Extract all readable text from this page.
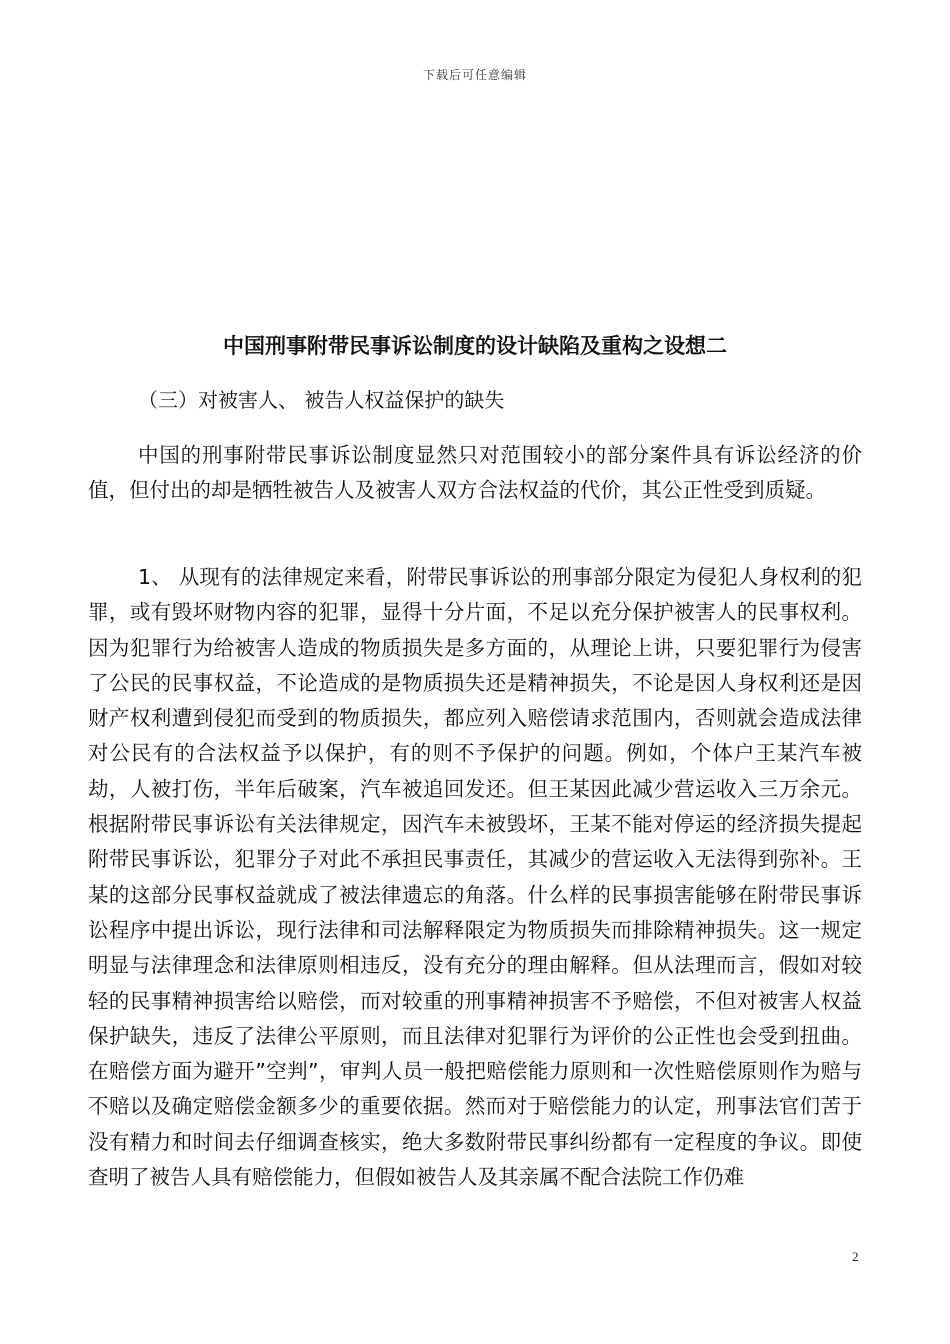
下载后可任意编辑
中国刑事附带民事诉讼制度的设计缺陷及重构之设想二

（三）对被害人、 被告人权益保护的缺失

中国的刑事附带民事诉讼制度显然只对范围较小的部分案件具有诉讼经济的价值，但付出的却是牺牲被告人及被害人双方合法权益的代价，其公正性受到质疑。

1、 从现有的法律规定来看，附带民事诉讼的刑事部分限定为侵犯人身权利的犯罪，或有毁坏财物内容的犯罪，显得十分片面，不足以充分保护被害人的民事权利。因为犯罪行为给被害人造成的物质损失是多方面的，从理论上讲，只要犯罪行为侵害了公民的民事权益，不论造成的是物质损失还是精神损失，不论是因人身权利还是因财产权利遭到侵犯而受到的物质损失，都应列入赔偿请求范围内，否则就会造成法律对公民有的合法权益予以保护，有的则不予保护的问题。例如，个体户王某汽车被劫，人被打伤，半年后破案，汽车被追回发还。但王某因此减少营运收入三万余元。根据附带民事诉讼有关法律规定，因汽车未被毁坏，王某不能对停运的经济损失提起附带民事诉讼，犯罪分子对此不承担民事责任，其减少的营运收入无法得到弥补。王某的这部分民事权益就成了被法律遗忘的角落。什么样的民事损害能够在附带民事诉讼程序中提出诉讼，现行法律和司法解释限定为物质损失而排除精神损失。这一规定明显与法律理念和法律原则相违反，没有充分的理由解释。但从法理而言，假如对较轻的民事精神损害给以赔偿，而对较重的刑事精神损害不予赔偿，不但对被害人权益保护缺失，违反了法律公平原则，而且法律对犯罪行为评价的公正性也会受到扭曲。在赔偿方面为避开”空判”，审判人员一般把赔偿能力原则和一次性赔偿原则作为赔与不赔以及确定赔偿金额多少的重要依据。然而对于赔偿能力的认定，刑事法官们苦于没有精力和时间去仔细调查核实，绝大多数附带民事纠纷都有一定程度的争议。即使查明了被告人具有赔偿能力，但假如被告人及其亲属不配合法院工作仍难

2
